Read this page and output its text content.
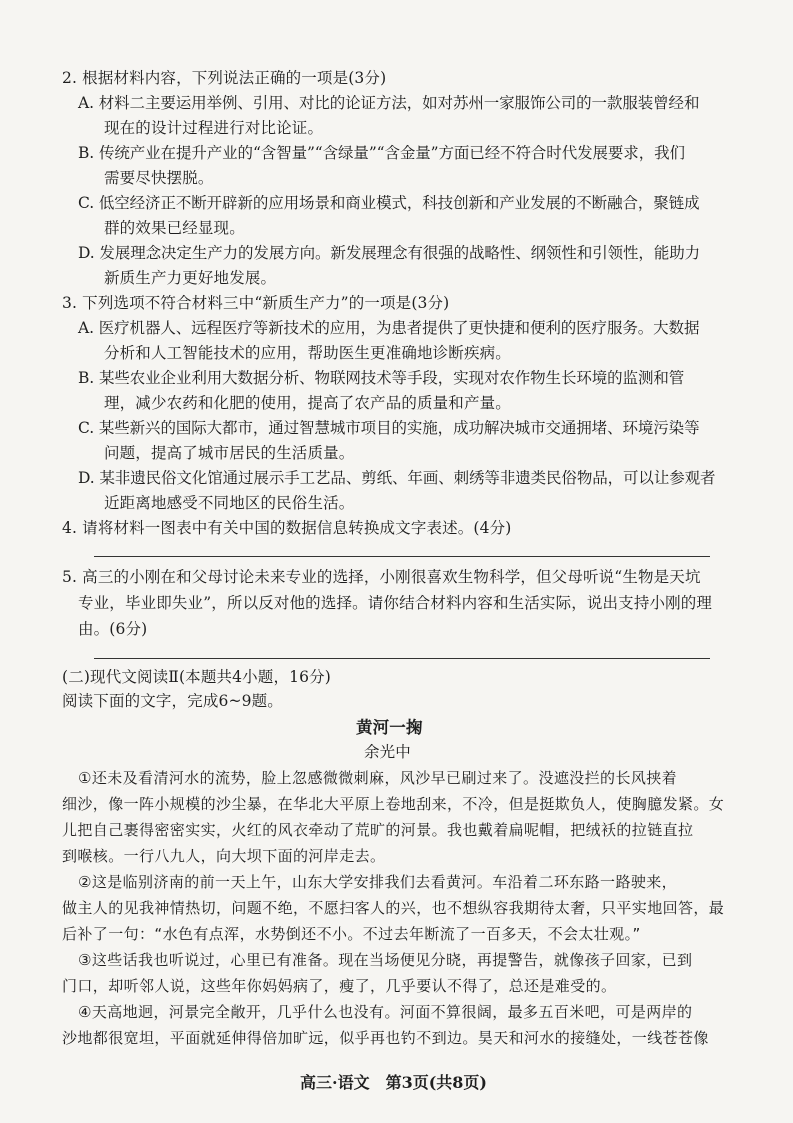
2. 根据材料内容，下列说法正确的一项是(3分)
A. 材料二主要运用举例、引用、对比的论证方法，如对苏州一家服饰公司的一款服装曾经和
现在的设计过程进行对比论证。
B. 传统产业在提升产业的“含智量”“含绿量”“含金量”方面已经不符合时代发展要求，我们
需要尽快摆脱。
C. 低空经济正不断开辟新的应用场景和商业模式，科技创新和产业发展的不断融合，聚链成
群的效果已经显现。
D. 发展理念决定生产力的发展方向。新发展理念有很强的战略性、纲领性和引领性，能助力
新质生产力更好地发展。
3. 下列选项不符合材料三中“新质生产力”的一项是(3分)
A. 医疗机器人、远程医疗等新技术的应用，为患者提供了更快捷和便利的医疗服务。大数据
分析和人工智能技术的应用，帮助医生更准确地诊断疾病。
B. 某些农业企业利用大数据分析、物联网技术等手段，实现对农作物生长环境的监测和管
理，减少农药和化肥的使用，提高了农产品的质量和产量。
C. 某些新兴的国际大都市，通过智慧城市项目的实施，成功解决城市交通拥堵、环境污染等
问题，提高了城市居民的生活质量。
D. 某非遗民俗文化馆通过展示手工艺品、剪纸、年画、刺绣等非遗类民俗物品，可以让参观者
近距离地感受不同地区的民俗生活。
4. 请将材料一图表中有关中国的数据信息转换成文字表述。(4分)
5. 高三的小刚在和父母讨论未来专业的选择，小刚很喜欢生物科学，但父母听说“生物是天坑
专业，毕业即失业”，所以反对他的选择。请你结合材料内容和生活实际，说出支持小刚的理
由。(6分)
(二)现代文阅读Ⅱ(本题共4小题，16分)
阅读下面的文字，完成6~9题。
黄河一掬
余光中
①还未及看清河水的流势，脸上忽感微微刺麻，风沙早已刷过来了。没遮没拦的长风挟着
细沙，像一阵小规模的沙尘暴，在华北大平原上卷地刮来，不冷，但是挺欺负人，使胸臆发紧。女
儿把自己裹得密密实实，火红的风衣牵动了荒旷的河景。我也戴着扁呢帽，把绒袄的拉链直拉
到喉核。一行八九人，向大坝下面的河岸走去。
②这是临别济南的前一天上午，山东大学安排我们去看黄河。车沿着二环东路一路驶来，
做主人的见我神情热切，问题不绝，不愿扫客人的兴，也不想纵容我期待太奢，只平实地回答，最
后补了一句：“水色有点浑，水势倒还不小。不过去年断流了一百多天，不会太壮观。”
③这些话我也听说过，心里已有准备。现在当场便见分晓，再提警告，就像孩子回家，已到
门口，却听邻人说，这些年你妈妈病了，瘦了，几乎要认不得了，总还是难受的。
④天高地迥，河景完全敞开，几乎什么也没有。河面不算很阔，最多五百米吧，可是两岸的
沙地都很宽坦，平面就延伸得倍加旷远，似乎再也钓不到边。昊天和河水的接缝处，一线苍苍像
高三·语文　第3页(共8页)
